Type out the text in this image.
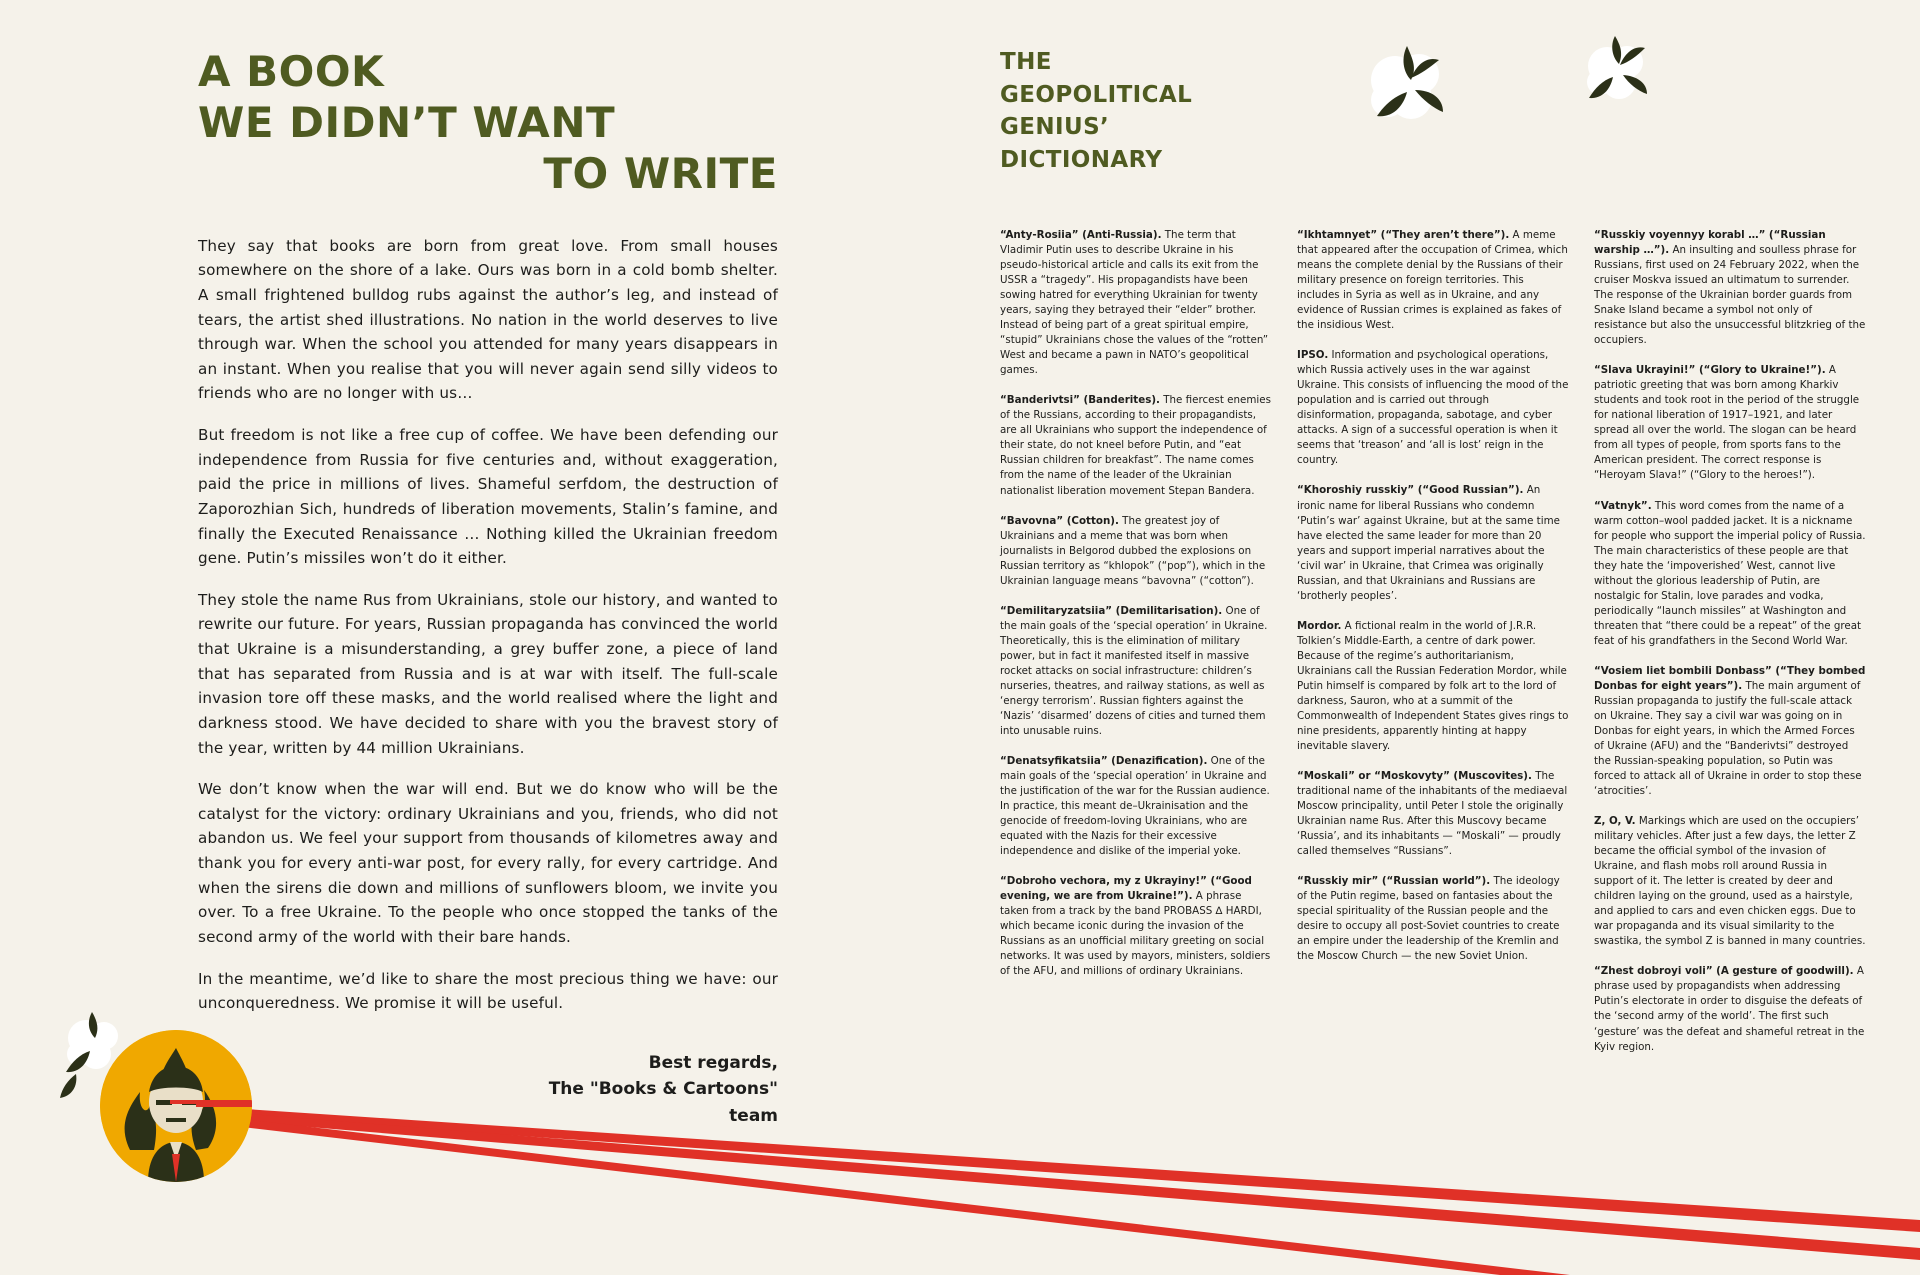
A BOOK
WE DIDN’T WANT
TO WRITE

They say that books are born from great love. From small houses somewhere on the shore of a lake. Ours was born in a cold bomb shelter. A small frightened bulldog rubs against the author’s leg, and instead of tears, the artist shed illustrations. No nation in the world deserves to live through war. When the school you attended for many years disappears in an instant. When you realise that you will never again send silly videos to friends who are no longer with us…

But freedom is not like a free cup of coffee. We have been defending our independence from Russia for five centuries and, without exaggeration, paid the price in millions of lives. Shameful serfdom, the destruction of Zaporozhian Sich, hundreds of liberation movements, Stalin’s famine, and finally the Executed Renaissance … Nothing killed the Ukrainian freedom gene. Putin’s missiles won’t do it either.

They stole the name Rus from Ukrainians, stole our history, and wanted to rewrite our future. For years, Russian propaganda has convinced the world that Ukraine is a misunderstanding, a grey buffer zone, a piece of land that has separated from Russia and is at war with itself. The full-scale invasion tore off these masks, and the world realised where the light and darkness stood. We have decided to share with you the bravest story of the year, written by 44 million Ukrainians.

We don’t know when the war will end. But we do know who will be the catalyst for the victory: ordinary Ukrainians and you, friends, who did not abandon us. We feel your support from thousands of kilometres away and thank you for every anti-war post, for every rally, for every cartridge. And when the sirens die down and millions of sunflowers bloom, we invite you over. To a free Ukraine. To the people who once stopped the tanks of the second army of the world with their bare hands.

In the meantime, we’d like to share the most precious thing we have: our unconqueredness. We promise it will be useful.

Best regards,
The "Books & Cartoons"
team
THE
GEOPOLITICAL
GENIUS’
DICTIONARY
“Anty-Rosiia” (Anti-Russia). The term that Vladimir Putin uses to describe Ukraine in his pseudo-historical article and calls its exit from the USSR a “tragedy”. His propagandists have been sowing hatred for everything Ukrainian for twenty years, saying they betrayed their “elder” brother. Instead of being part of a great spiritual empire, “stupid” Ukrainians chose the values of the “rotten” West and became a pawn in NATO’s geopolitical games.
“Banderivtsi” (Banderites). The fiercest enemies of the Russians, according to their propagandists, are all Ukrainians who support the independence of their state, do not kneel before Putin, and “eat Russian children for breakfast”. The name comes from the name of the leader of the Ukrainian nationalist liberation movement Stepan Bandera.
“Bavovna” (Cotton). The greatest joy of Ukrainians and a meme that was born when journalists in Belgorod dubbed the explosions on Russian territory as “khlopok” (“pop”), which in the Ukrainian language means “bavovna” (“cotton”).
“Demilitaryzatsiia” (Demilitarisation). One of the main goals of the ‘special operation’ in Ukraine. Theoretically, this is the elimination of military power, but in fact it manifested itself in massive rocket attacks on social infrastructure: children’s nurseries, theatres, and railway stations, as well as ‘energy terrorism’. Russian fighters against the ‘Nazis’ ‘disarmed’ dozens of cities and turned them into unusable ruins.
“Denatsyfikatsiia” (Denazification). One of the main goals of the ‘special operation’ in Ukraine and the justification of the war for the Russian audience. In practice, this meant de–Ukrainisation and the genocide of freedom-loving Ukrainians, who are equated with the Nazis for their excessive independence and dislike of the imperial yoke.
“Dobroho vechora, my z Ukrayiny!” (“Good evening, we are from Ukraine!”). A phrase taken from a track by the band PROBASS ∆ HARDI, which became iconic during the invasion of the Russians as an unofficial military greeting on social networks. It was used by mayors, ministers, soldiers of the AFU, and millions of ordinary Ukrainians.
“Ikhtamnyet” (“They aren’t there”). A meme that appeared after the occupation of Crimea, which means the complete denial by the Russians of their military presence on foreign territories. This includes in Syria as well as in Ukraine, and any evidence of Russian crimes is explained as fakes of the insidious West.
IPSO. Information and psychological operations, which Russia actively uses in the war against Ukraine. This consists of influencing the mood of the population and is carried out through disinformation, propaganda, sabotage, and cyber attacks. A sign of a successful operation is when it seems that ‘treason’ and ‘all is lost’ reign in the country.
“Khoroshiy russkiy” (“Good Russian”). An ironic name for liberal Russians who condemn ‘Putin’s war’ against Ukraine, but at the same time have elected the same leader for more than 20 years and support imperial narratives about the ‘civil war’ in Ukraine, that Crimea was originally Russian, and that Ukrainians and Russians are ‘brotherly peoples’.
Mordor. A fictional realm in the world of J.R.R. Tolkien’s Middle-Earth, a centre of dark power. Because of the regime’s authoritarianism, Ukrainians call the Russian Federation Mordor, while Putin himself is compared by folk art to the lord of darkness, Sauron, who at a summit of the Commonwealth of Independent States gives rings to nine presidents, apparently hinting at happy inevitable slavery.
“Moskali” or “Moskovyty” (Muscovites). The traditional name of the inhabitants of the mediaeval Moscow principality, until Peter I stole the originally Ukrainian name Rus. After this Muscovy became ‘Russia’, and its inhabitants — “Moskali” — proudly called themselves “Russians”.
“Russkiy mir” (“Russian world”). The ideology of the Putin regime, based on fantasies about the special spirituality of the Russian people and the desire to occupy all post-Soviet countries to create an empire under the leadership of the Kremlin and the Moscow Church — the new Soviet Union.
“Russkiy voyennyy korabl …” (“Russian warship …”). An insulting and soulless phrase for Russians, first used on 24 February 2022, when the cruiser Moskva issued an ultimatum to surrender. The response of the Ukrainian border guards from Snake Island became a symbol not only of resistance but also the unsuccessful blitzkrieg of the occupiers.
“Slava Ukrayini!” (“Glory to Ukraine!”). A patriotic greeting that was born among Kharkiv students and took root in the period of the struggle for national liberation of 1917–1921, and later spread all over the world. The slogan can be heard from all types of people, from sports fans to the American president. The correct response is “Heroyam Slava!” (“Glory to the heroes!”).
“Vatnyk”. This word comes from the name of a warm cotton–wool padded jacket. It is a nickname for people who support the imperial policy of Russia. The main characteristics of these people are that they hate the ‘impoverished’ West, cannot live without the glorious leadership of Putin, are nostalgic for Stalin, love parades and vodka, periodically “launch missiles” at Washington and threaten that “there could be a repeat” of the great feat of his grandfathers in the Second World War.
“Vosiem liet bombili Donbass” (“They bombed Donbas for eight years”). The main argument of Russian propaganda to justify the full-scale attack on Ukraine. They say a civil war was going on in Donbas for eight years, in which the Armed Forces of Ukraine (AFU) and the “Banderivtsi” destroyed the Russian-speaking population, so Putin was forced to attack all of Ukraine in order to stop these ‘atrocities’.
Z, O, V. Markings which are used on the occupiers’ military vehicles. After just a few days, the letter Z became the official symbol of the invasion of Ukraine, and flash mobs roll around Russia in support of it. The letter is created by deer and children laying on the ground, used as a hairstyle, and applied to cars and even chicken eggs. Due to war propaganda and its visual similarity to the swastika, the symbol Z is banned in many countries.
“Zhest dobroyi voli” (A gesture of goodwill). A phrase used by propagandists when addressing Putin’s electorate in order to disguise the defeats of the ‘second army of the world’. The first such ‘gesture’ was the defeat and shameful retreat in the Kyiv region.
